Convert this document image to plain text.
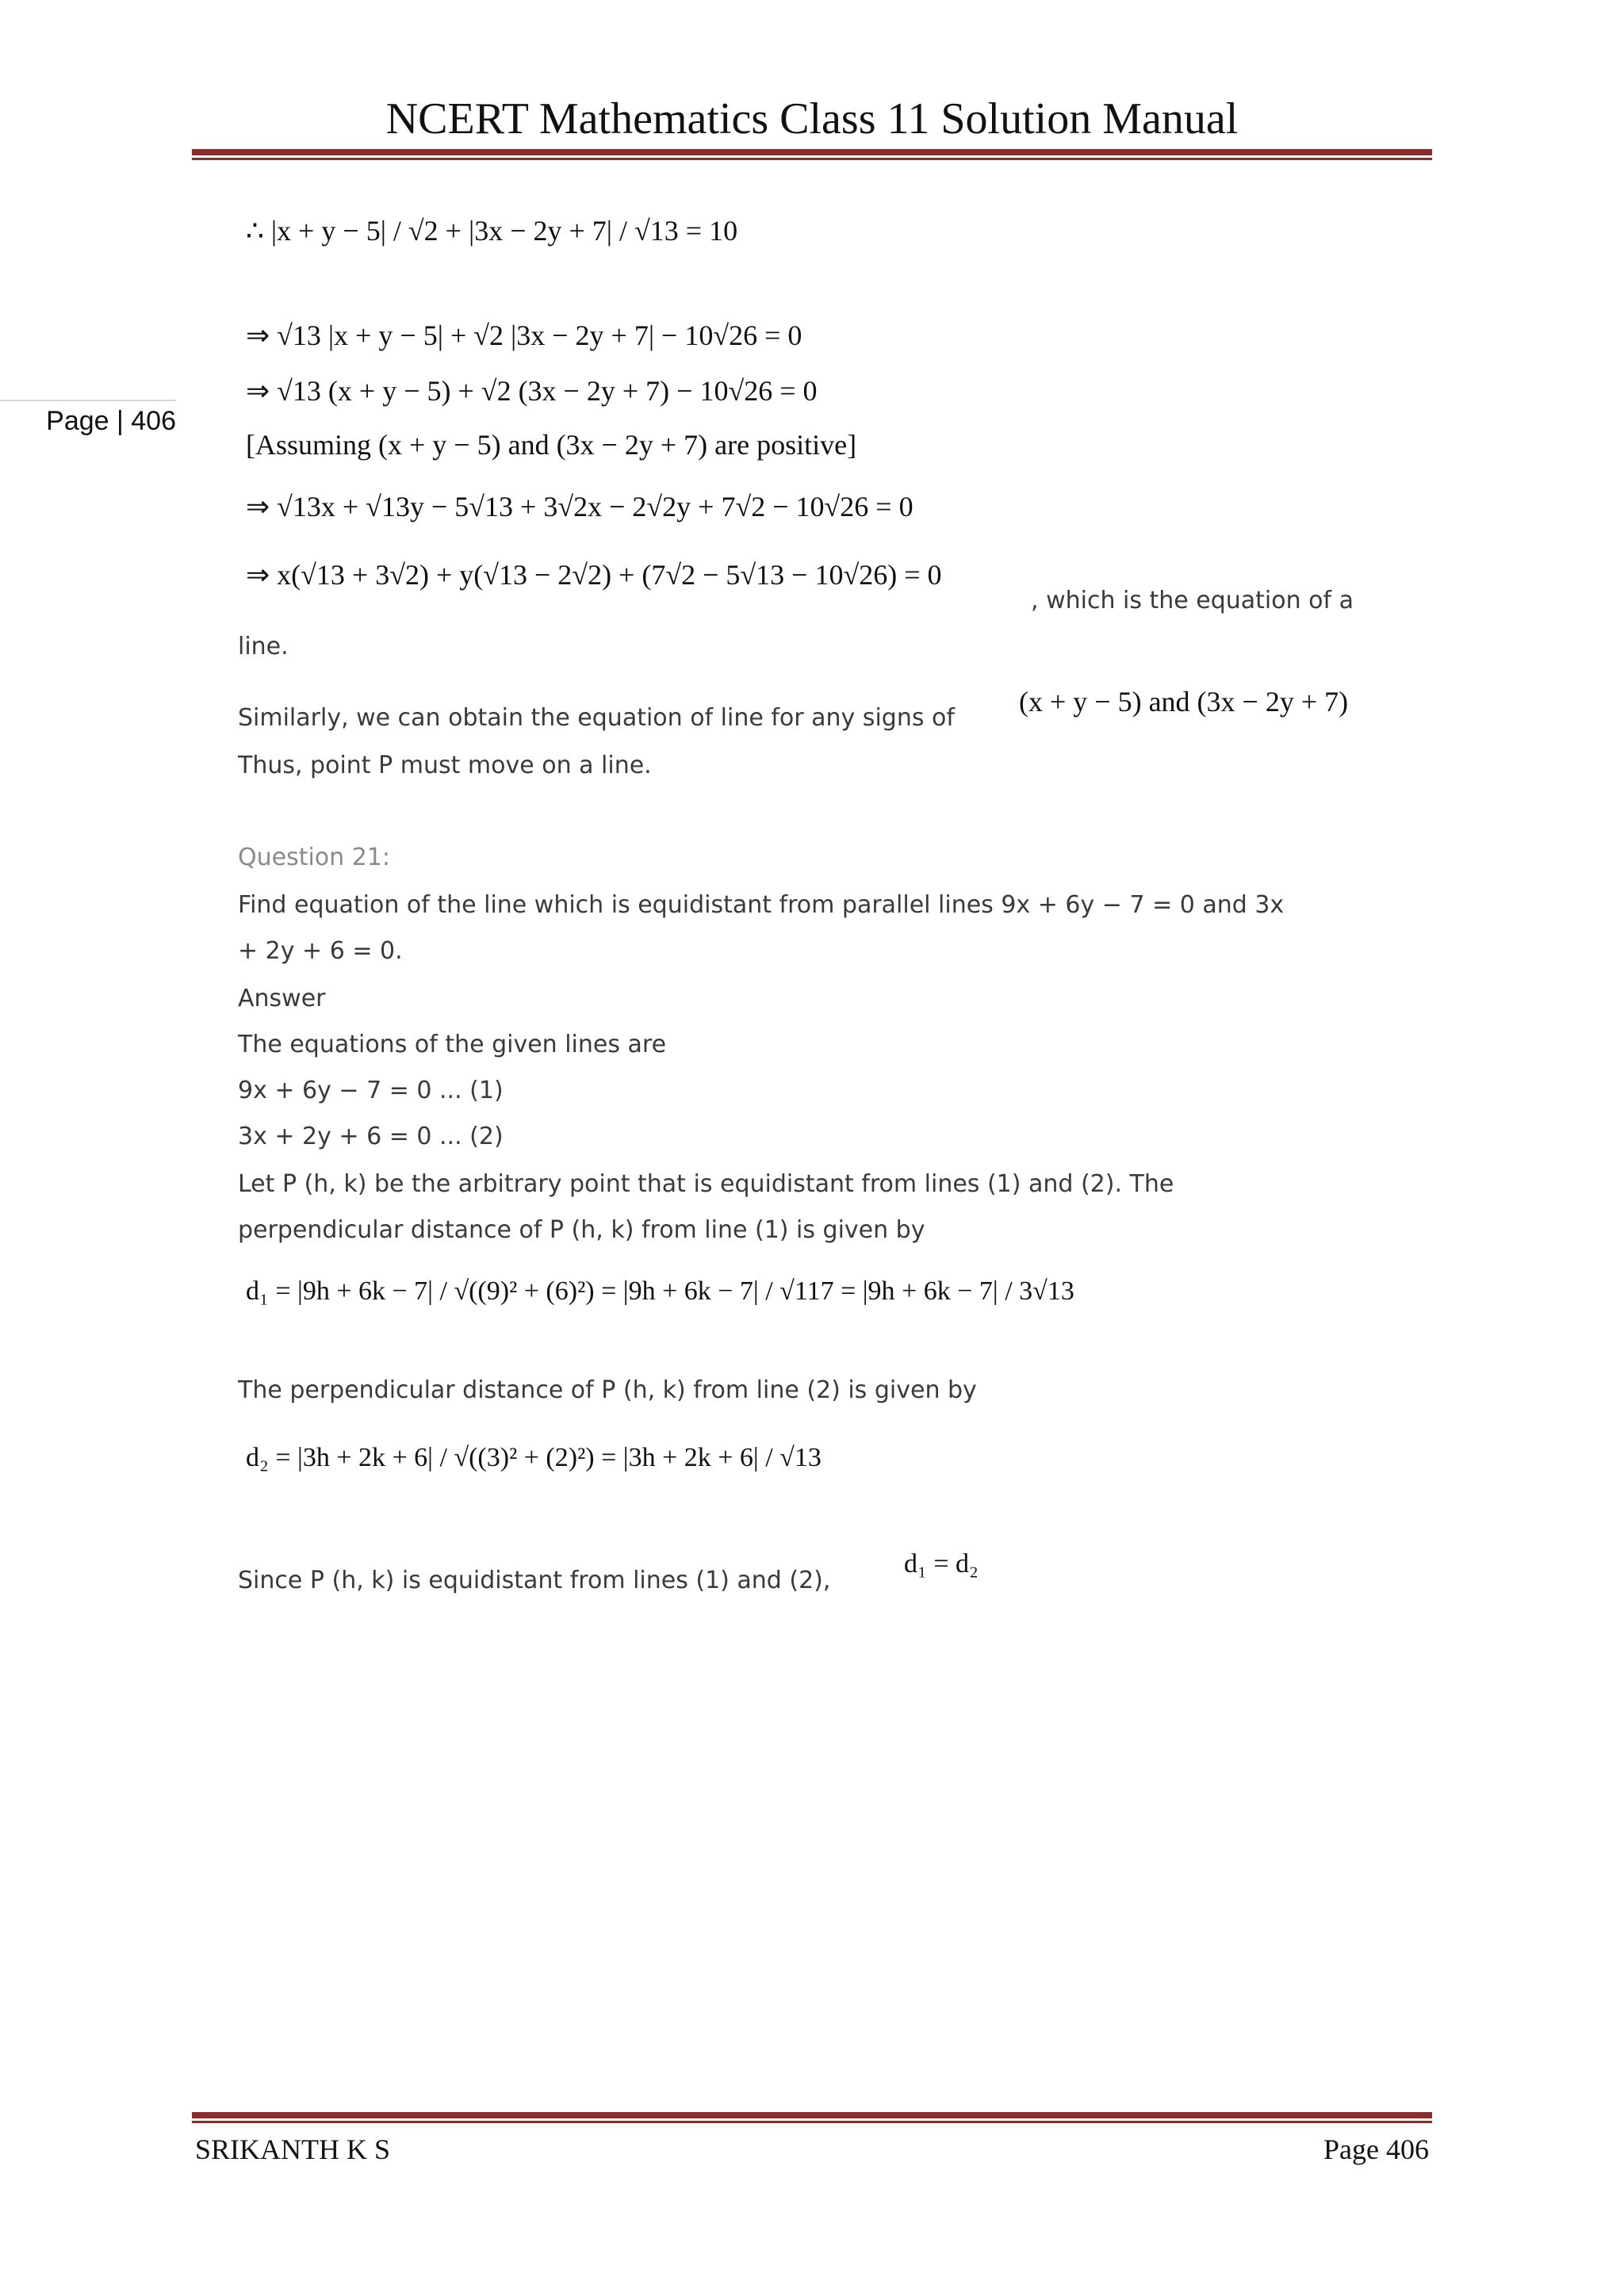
NCERT Mathematics Class 11 Solution Manual
Page | 406
∴ |x + y − 5| / √2 + |3x − 2y + 7| / √13 = 10
⇒ √13 |x + y − 5| + √2 |3x − 2y + 7| − 10√26 = 0
⇒ √13 (x + y − 5) + √2 (3x − 2y + 7) − 10√26 = 0
[Assuming (x + y − 5) and (3x − 2y + 7) are positive]
⇒ √13x + √13y − 5√13 + 3√2x − 2√2y + 7√2 − 10√26 = 0
⇒ x(√13 + 3√2) + y(√13 − 2√2) + (7√2 − 5√13 − 10√26) = 0
, which is the equation of a
line.
Similarly, we can obtain the equation of line for any signs of
(x + y − 5) and (3x − 2y + 7)
Thus, point P must move on a line.
Question 21:
Find equation of the line which is equidistant from parallel lines 9x + 6y − 7 = 0 and 3x
+ 2y + 6 = 0.
Answer
The equations of the given lines are
9x + 6y − 7 = 0 ... (1)
3x + 2y + 6 = 0 ... (2)
Let P (h, k) be the arbitrary point that is equidistant from lines (1) and (2). The
perpendicular distance of P (h, k) from line (1) is given by
d₁ = |9h + 6k − 7| / √((9)² + (6)²) = |9h + 6k − 7| / √117 = |9h + 6k − 7| / 3√13
The perpendicular distance of P (h, k) from line (2) is given by
d₂ = |3h + 2k + 6| / √((3)² + (2)²) = |3h + 2k + 6| / √13
Since P (h, k) is equidistant from lines (1) and (2),
d₁ = d₂
SRIKANTH K S	Page 406
